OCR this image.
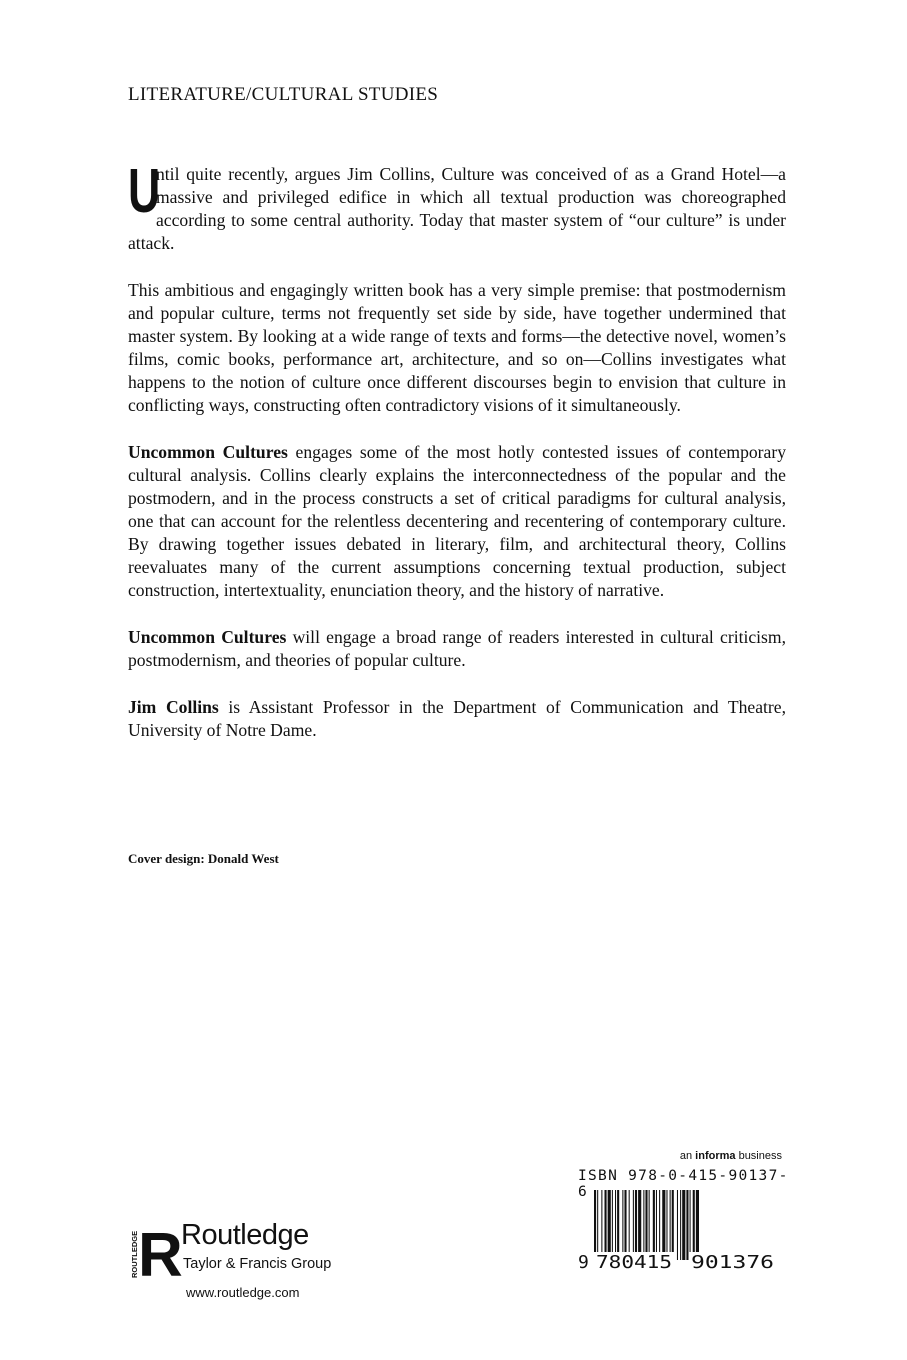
LITERATURE/CULTURAL STUDIES

U
ntil quite recently, argues Jim Collins, Culture was conceived of as a Grand Hotel—a massive and privileged edifice in which all textual production was choreographed according to some central authority. Today that master system of “our culture” is under attack.

This ambitious and engagingly written book has a very simple premise: that postmodernism and popular culture, terms not frequently set side by side, have together undermined that master system. By looking at a wide range of texts and forms—the detective novel, women’s films, comic books, performance art, architecture, and so on—Collins investigates what happens to the notion of culture once different discourses begin to envision that culture in conflicting ways, constructing often contradictory visions of it simultaneously.

Uncommon Cultures engages some of the most hotly contested issues of contemporary cultural analysis. Collins clearly explains the interconnectedness of the popular and the postmodern, and in the process constructs a set of critical paradigms for cultural analysis, one that can account for the relentless decentering and recentering of contemporary culture. By drawing together issues debated in literary, film, and architectural theory, Collins reevaluates many of the current assumptions concerning textual production, subject construction, intertextuality, enunciation theory, and the history of narrative.

Uncommon Cultures will engage a broad range of readers interested in cultural criticism, postmodernism, and theories of popular culture.

Jim Collins is Assistant Professor in the Department of Communication and Theatre, University of Notre Dame.

Cover design: Donald West
ROUTLEDGE R
Routledge
Taylor & Francis Group
www.routledge.com
an informa business
ISBN 978-0-415-90137-6
9 780415 901376
